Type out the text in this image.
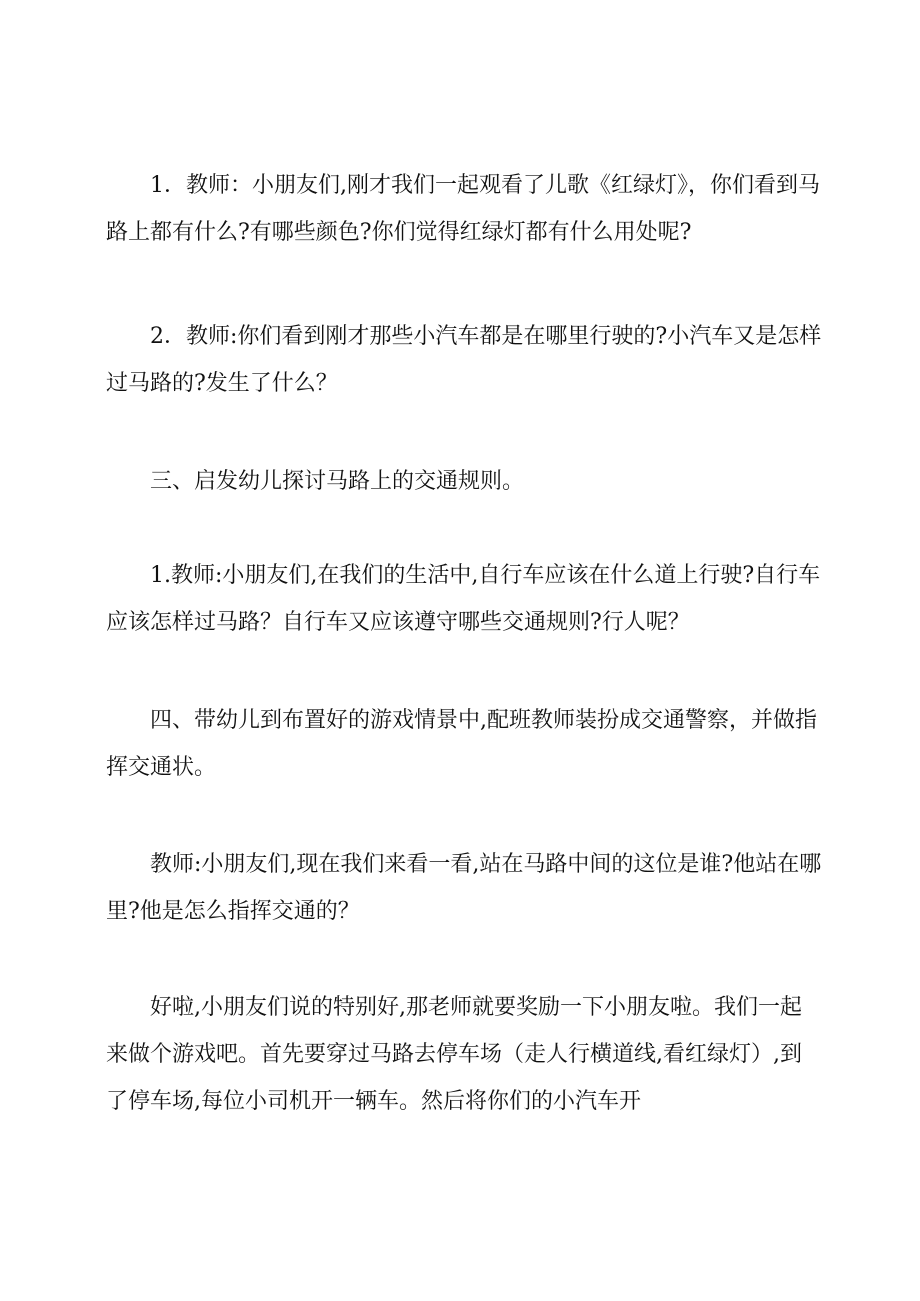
1．教师：小朋友们,刚才我们一起观看了儿歌《红绿灯》，你们看到马路上都有什么?有哪些颜色?你们觉得红绿灯都有什么用处呢?

2．教师:你们看到刚才那些小汽车都是在哪里行驶的?小汽车又是怎样过马路的?发生了什么？

三、启发幼儿探讨马路上的交通规则。

1.教师:小朋友们,在我们的生活中,自行车应该在什么道上行驶?自行车应该怎样过马路？自行车又应该遵守哪些交通规则?行人呢？

四、带幼儿到布置好的游戏情景中,配班教师装扮成交通警察，并做指挥交通状。

教师:小朋友们,现在我们来看一看,站在马路中间的这位是谁?他站在哪里?他是怎么指挥交通的？

好啦,小朋友们说的特别好,那老师就要奖励一下小朋友啦。我们一起来做个游戏吧。首先要穿过马路去停车场（走人行横道线,看红绿灯）,到了停车场,每位小司机开一辆车。然后将你们的小汽车开
